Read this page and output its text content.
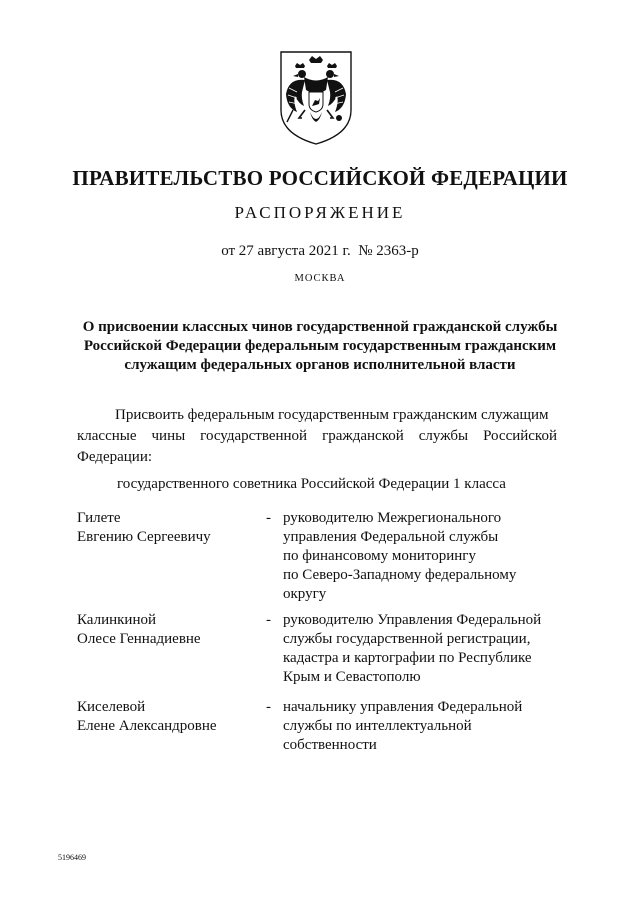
ПРАВИТЕЛЬСТВО РОССИЙСКОЙ ФЕДЕРАЦИИ
РАСПОРЯЖЕНИЕ
от 27 августа 2021 г. № 2363-р
МОСКВА
О присвоении классных чинов государственной гражданской службы
Российской Федерации федеральным государственным гражданским
служащим федеральных органов исполнительной власти
Присвоить федеральным государственным гражданским служащим
классные чины государственной гражданской службы Российской
Федерации:
государственного советника Российской Федерации 1 класса
Гилете
Евгению Сергеевичу
- руководителю Межрегионального
управления Федеральной службы
по финансовому мониторингу
по Северо-Западному федеральному
округу
Калинкиной
Олесе Геннадиевне
- руководителю Управления Федеральной
службы государственной регистрации,
кадастра и картографии по Республике
Крым и Севастополю
Киселевой
Елене Александровне
- начальнику управления Федеральной
службы по интеллектуальной
собственности
5196469
